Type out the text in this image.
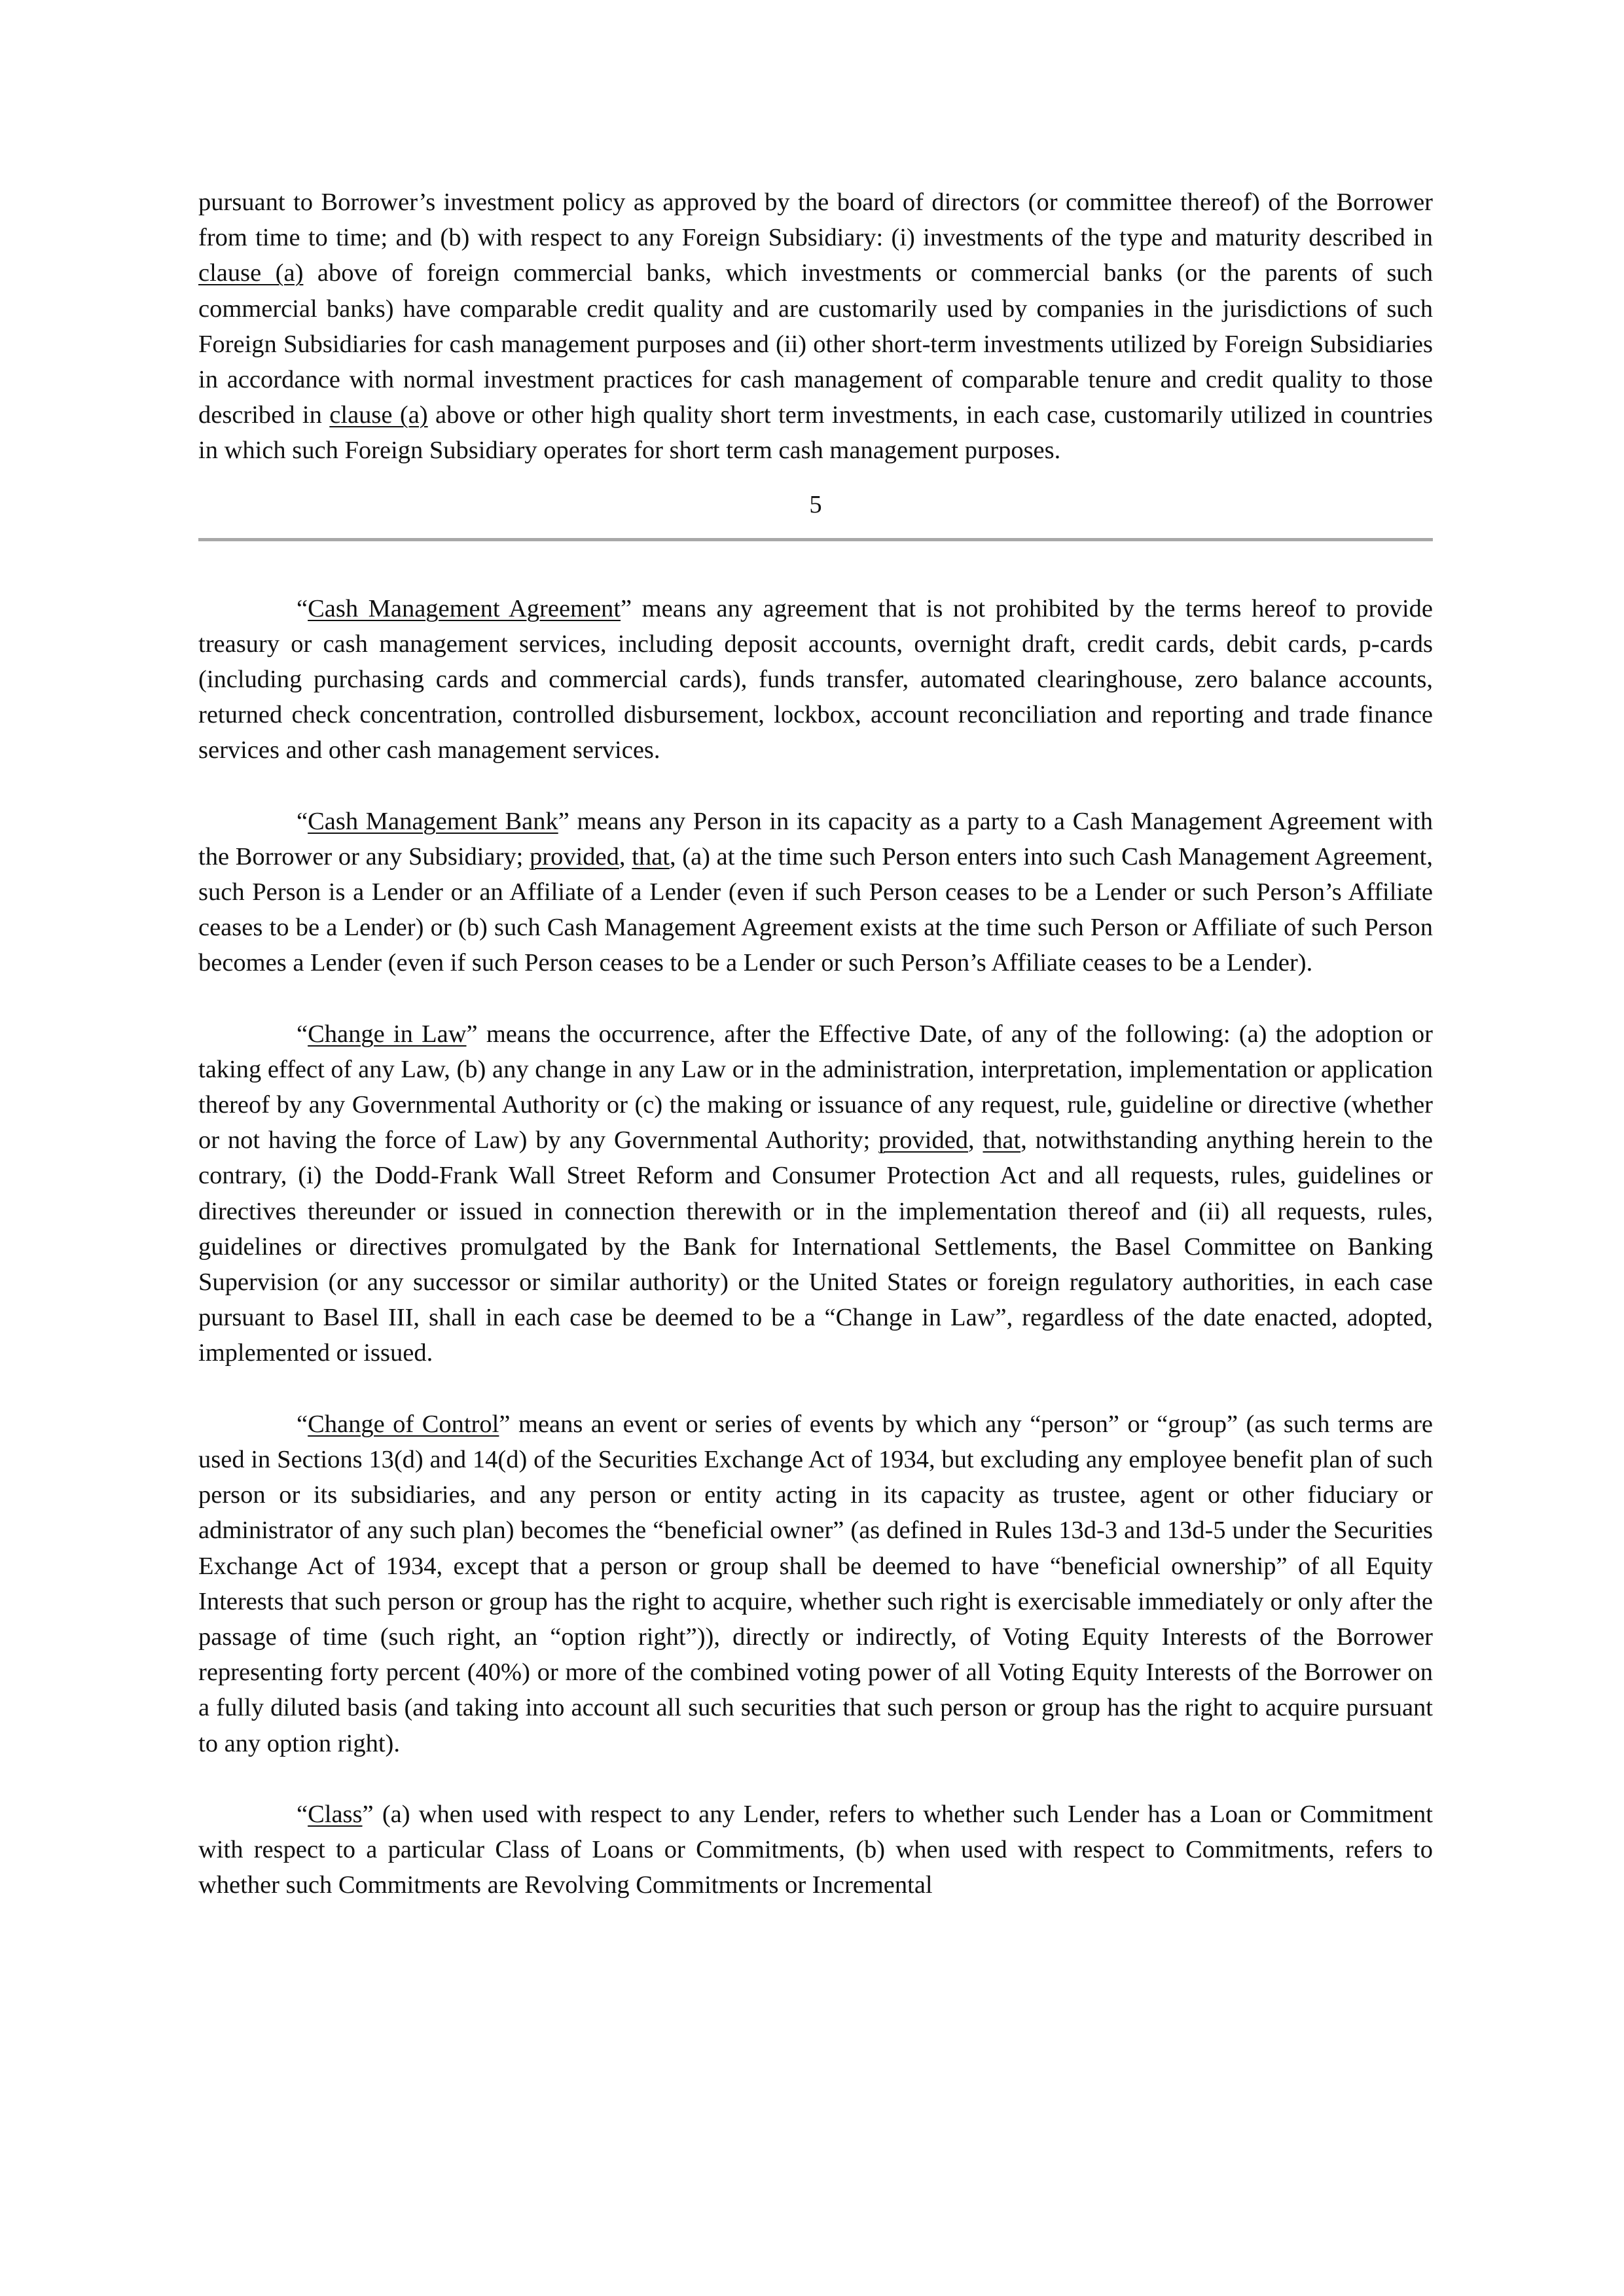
pursuant to Borrower’s investment policy as approved by the board of directors (or committee thereof) of the Borrower from time to time; and (b) with respect to any Foreign Subsidiary: (i) investments of the type and maturity described in clause (a) above of foreign commercial banks, which investments or commercial banks (or the parents of such commercial banks) have comparable credit quality and are customarily used by companies in the jurisdictions of such Foreign Subsidiaries for cash management purposes and (ii) other short-term investments utilized by Foreign Subsidiaries in accordance with normal investment practices for cash management of comparable tenure and credit quality to those described in clause (a) above or other high quality short term investments, in each case, customarily utilized in countries in which such Foreign Subsidiary operates for short term cash management purposes.

5

“Cash Management Agreement” means any agreement that is not prohibited by the terms hereof to provide treasury or cash management services, including deposit accounts, overnight draft, credit cards, debit cards, p-cards (including purchasing cards and commercial cards), funds transfer, automated clearinghouse, zero balance accounts, returned check concentration, controlled disbursement, lockbox, account reconciliation and reporting and trade finance services and other cash management services.

“Cash Management Bank” means any Person in its capacity as a party to a Cash Management Agreement with the Borrower or any Subsidiary; provided, that, (a) at the time such Person enters into such Cash Management Agreement, such Person is a Lender or an Affiliate of a Lender (even if such Person ceases to be a Lender or such Person’s Affiliate ceases to be a Lender) or (b) such Cash Management Agreement exists at the time such Person or Affiliate of such Person becomes a Lender (even if such Person ceases to be a Lender or such Person’s Affiliate ceases to be a Lender).

“Change in Law” means the occurrence, after the Effective Date, of any of the following: (a) the adoption or taking effect of any Law, (b) any change in any Law or in the administration, interpretation, implementation or application thereof by any Governmental Authority or (c) the making or issuance of any request, rule, guideline or directive (whether or not having the force of Law) by any Governmental Authority; provided, that, notwithstanding anything herein to the contrary, (i) the Dodd-Frank Wall Street Reform and Consumer Protection Act and all requests, rules, guidelines or directives thereunder or issued in connection therewith or in the implementation thereof and (ii) all requests, rules, guidelines or directives promulgated by the Bank for International Settlements, the Basel Committee on Banking Supervision (or any successor or similar authority) or the United States or foreign regulatory authorities, in each case pursuant to Basel III, shall in each case be deemed to be a “Change in Law”, regardless of the date enacted, adopted, implemented or issued.

“Change of Control” means an event or series of events by which any “person” or “group” (as such terms are used in Sections 13(d) and 14(d) of the Securities Exchange Act of 1934, but excluding any employee benefit plan of such person or its subsidiaries, and any person or entity acting in its capacity as trustee, agent or other fiduciary or administrator of any such plan) becomes the “beneficial owner” (as defined in Rules 13d-3 and 13d-5 under the Securities Exchange Act of 1934, except that a person or group shall be deemed to have “beneficial ownership” of all Equity Interests that such person or group has the right to acquire, whether such right is exercisable immediately or only after the passage of time (such right, an “option right”)), directly or indirectly, of Voting Equity Interests of the Borrower representing forty percent (40%) or more of the combined voting power of all Voting Equity Interests of the Borrower on a fully diluted basis (and taking into account all such securities that such person or group has the right to acquire pursuant to any option right).

“Class” (a) when used with respect to any Lender, refers to whether such Lender has a Loan or Commitment with respect to a particular Class of Loans or Commitments, (b) when used with respect to Commitments, refers to whether such Commitments are Revolving Commitments or Incremental
